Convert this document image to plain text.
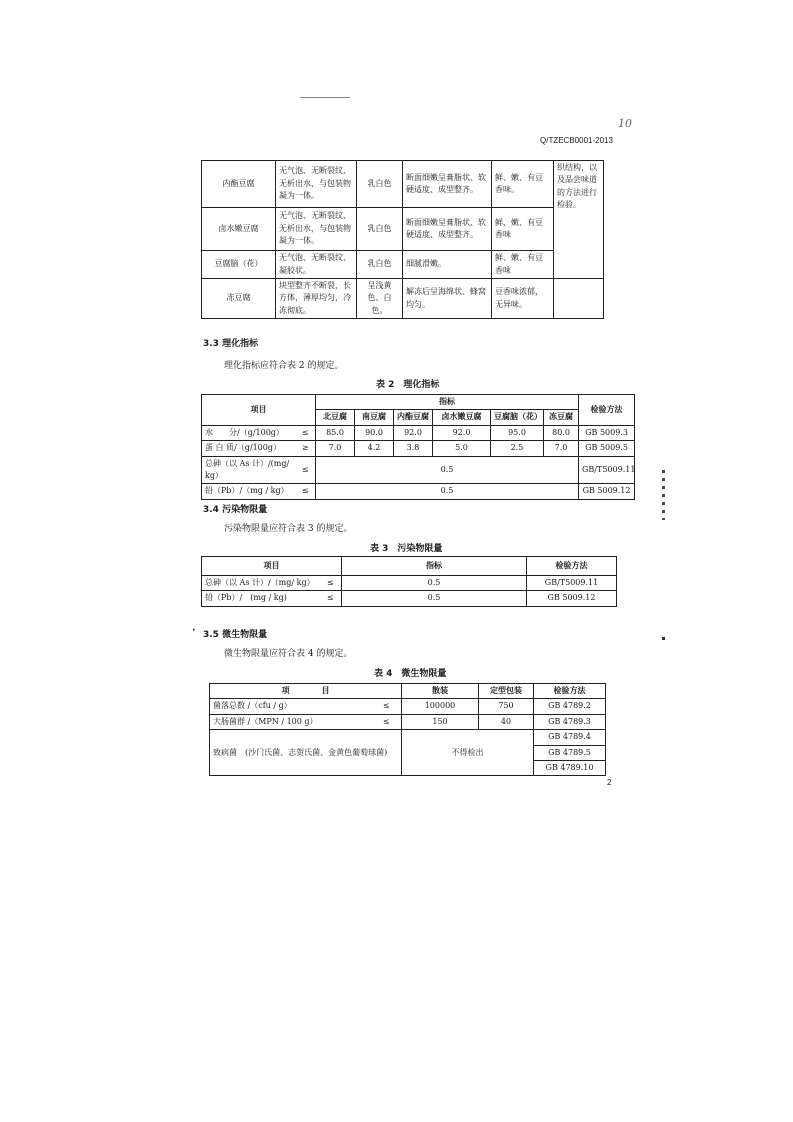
10
Q/TZECB0001-2013
内酯豆腐	无气泡、无断裂纹、无析出水，与包装物凝为一体。	乳白色	断面细嫩呈膏脂状、软硬适度、成型整齐。	鲜、嫩、有豆香味。	织结构，以及品尝味道的方法进行检验。
卤水嫩豆腐	无气泡、无断裂纹、无析出水，与包装物凝为一体。	乳白色	断面细嫩呈膏脂状、软硬适度、成型整齐。	鲜、嫩、有豆香味	
豆腐脑（花）	无气泡、无断裂纹、凝胶状。	乳白色	细腻滑嫩。	鲜、嫩、有豆香味	
冻豆腐	块型整齐不断裂，长方体，薄厚均匀，冷冻彻底。	呈浅黄色、白色。	解冻后呈海绵状、蜂窝均匀。	豆香味浓郁，无异味。	
3.3 理化指标
理化指标应符合表 2 的规定。
表 2　理化指标
项目		指标						检验方法
		北豆腐	南豆腐	内酯豆腐	卤水嫩豆腐	豆腐脑（花）	冻豆腐	
水　　分/（g/100g）	≤	85.0	90.0	92.0	92.0	95.0	80.0	GB 5009.3
蛋 白 质/（g/100g）	≥	7.0	4.2	3.8	5.0	2.5	7.0	GB 5009.5
总砷（以 As 计）/(mg/ kg）	≤	0.5						GB/T5009.11
铅（Pb）/（mg / kg）	≤	0.5						GB 5009.12
3.4 污染物限量
污染物限量应符合表 3 的规定。
表 3　污染物限量
项目		指标	检验方法
总砷（以 As 计）/（mg/ kg）	≤	0.5	GB/T5009.11
铅（Pb）/　(mg / kg)	≤	0.5	GB 5009.12
· 3.5 微生物限量
微生物限量应符合表 4 的规定。
表 4　微生物限量
项　　　　目		散装	定型包装	检验方法
菌落总数 /（cfu / g）	≤	100000	750	GB 4789.2
大肠菌群 /（MPN / 100 g）	≤	150	40	GB 4789.3
致病菌　(沙门氏菌、志贺氏菌、金黄色葡萄球菌)		不得检出		GB 4789.4
				GB 4789.5
				GB 4789.10
2
